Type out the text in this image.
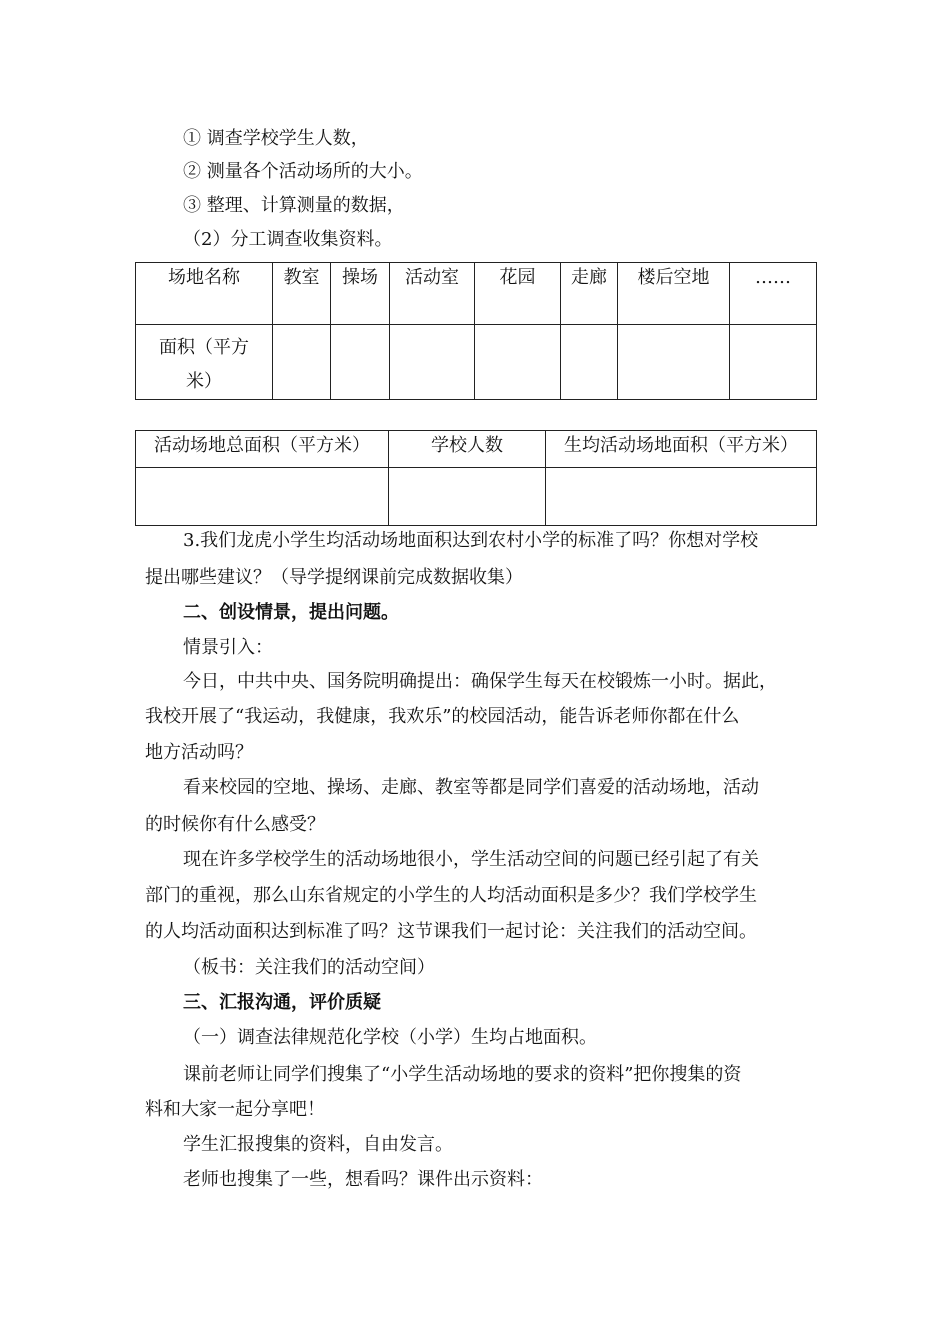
① 调查学校学生人数，
② 测量各个活动场所的大小。
③ 整理、计算测量的数据，
（2）分工调查收集资料。
场地名称	教室	操场	活动室	花园	走廊	楼后空地	……
面积（平方米）							
活动场地总面积（平方米）	学校人数	生均活动场地面积（平方米）

3.我们龙虎小学生均活动场地面积达到农村小学的标准了吗？你想对学校
提出哪些建议？（导学提纲课前完成数据收集）
二、创设情景，提出问题。
情景引入：
今日，中共中央、国务院明确提出：确保学生每天在校锻炼一小时。据此，
我校开展了“我运动，我健康，我欢乐”的校园活动，能告诉老师你都在什么
地方活动吗？
看来校园的空地、操场、走廊、教室等都是同学们喜爱的活动场地，活动
的时候你有什么感受？
现在许多学校学生的活动场地很小，学生活动空间的问题已经引起了有关
部门的重视，那么山东省规定的小学生的人均活动面积是多少？我们学校学生
的人均活动面积达到标准了吗？这节课我们一起讨论：关注我们的活动空间。
（板书：关注我们的活动空间）
三、汇报沟通，评价质疑
（一）调查法律规范化学校（小学）生均占地面积。
课前老师让同学们搜集了“小学生活动场地的要求的资料”把你搜集的资
料和大家一起分享吧！
学生汇报搜集的资料，自由发言。
老师也搜集了一些，想看吗？课件出示资料：
